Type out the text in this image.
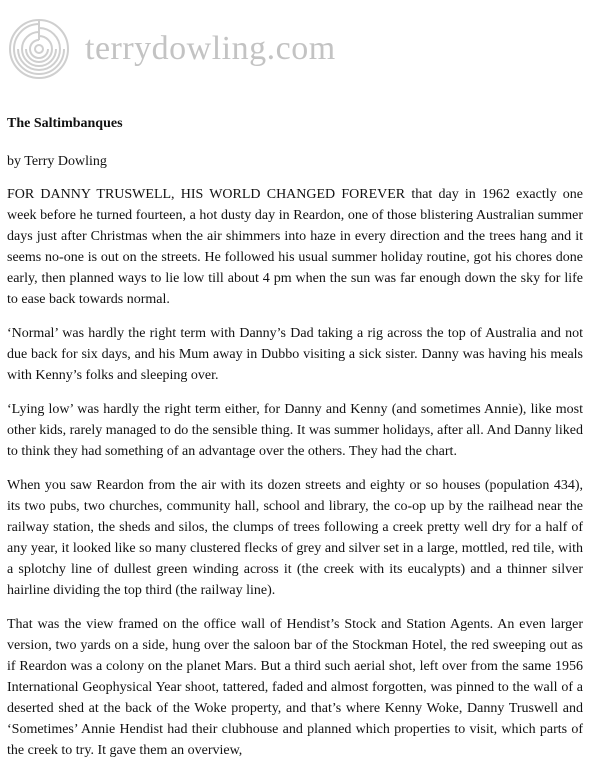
terrydowling.com
The Saltimbanques
by Terry Dowling

FOR DANNY TRUSWELL, HIS WORLD CHANGED FOREVER that day in 1962 exactly one week before he turned fourteen, a hot dusty day in Reardon, one of those blistering Australian summer days just after Christmas when the air shimmers into haze in every direction and the trees hang and it seems no-one is out on the streets. He followed his usual summer holiday routine, got his chores done early, then planned ways to lie low till about 4 pm when the sun was far enough down the sky for life to ease back towards normal.

‘Normal’ was hardly the right term with Danny’s Dad taking a rig across the top of Australia and not due back for six days, and his Mum away in Dubbo visiting a sick sister. Danny was having his meals with Kenny’s folks and sleeping over.

‘Lying low’ was hardly the right term either, for Danny and Kenny (and sometimes Annie), like most other kids, rarely managed to do the sensible thing. It was summer holidays, after all. And Danny liked to think they had something of an advantage over the others. They had the chart.

When you saw Reardon from the air with its dozen streets and eighty or so houses (population 434), its two pubs, two churches, community hall, school and library, the co-op up by the railhead near the railway station, the sheds and silos, the clumps of trees following a creek pretty well dry for a half of any year, it looked like so many clustered flecks of grey and silver set in a large, mottled, red tile, with a splotchy line of dullest green winding across it (the creek with its eucalypts) and a thinner silver hairline dividing the top third (the railway line).

That was the view framed on the office wall of Hendist’s Stock and Station Agents. An even larger version, two yards on a side, hung over the saloon bar of the Stockman Hotel, the red sweeping out as if Reardon was a colony on the planet Mars. But a third such aerial shot, left over from the same 1956 International Geophysical Year shoot, tattered, faded and almost forgotten, was pinned to the wall of a deserted shed at the back of the Woke property, and that’s where Kenny Woke, Danny Truswell and ‘Sometimes’ Annie Hendist had their clubhouse and planned which properties to visit, which parts of the creek to try. It gave them an overview,
